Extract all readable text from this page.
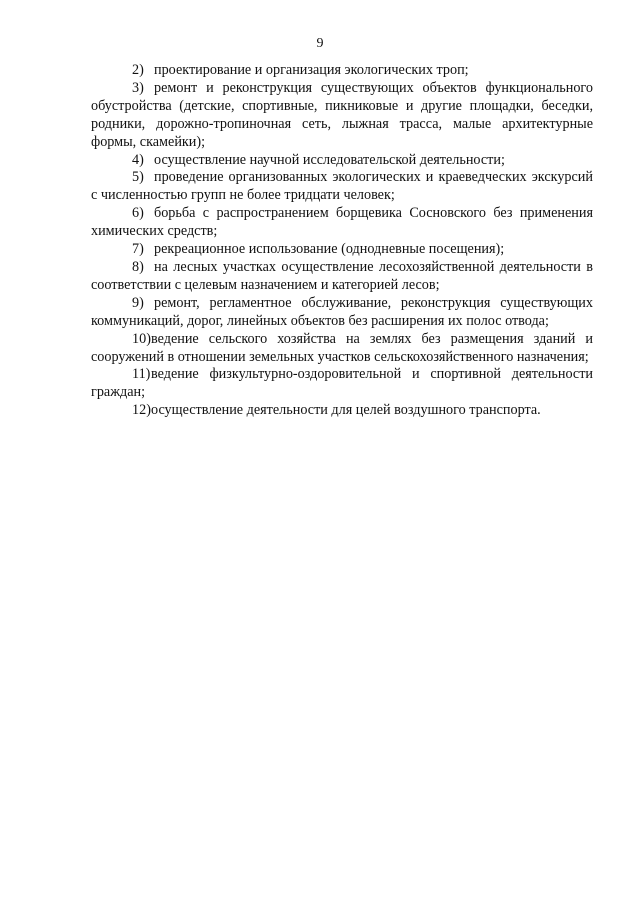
9

2) проектирование и организация экологических троп;

3) ремонт и реконструкция существующих объектов функционального обустройства (детские, спортивные, пикниковые и другие площадки, беседки, родники, дорожно-тропиночная сеть, лыжная трасса, малые архитектурные формы, скамейки);

4) осуществление научной исследовательской деятельности;

5) проведение организованных экологических и краеведческих экскурсий с численностью групп не более тридцати человек;

6) борьба с распространением борщевика Сосновского без применения химических средств;

7) рекреационное использование (однодневные посещения);

8) на лесных участках осуществление лесохозяйственной деятельности в соответствии с целевым назначением и категорией лесов;

9) ремонт, регламентное обслуживание, реконструкция существующих коммуникаций, дорог, линейных объектов без расширения их полос отвода;

10)ведение сельского хозяйства на землях без размещения зданий и сооружений в отношении земельных участков сельскохозяйственного назначения;

11)ведение физкультурно-оздоровительной и спортивной деятельности граждан;

12)осуществление деятельности для целей воздушного транспорта.
